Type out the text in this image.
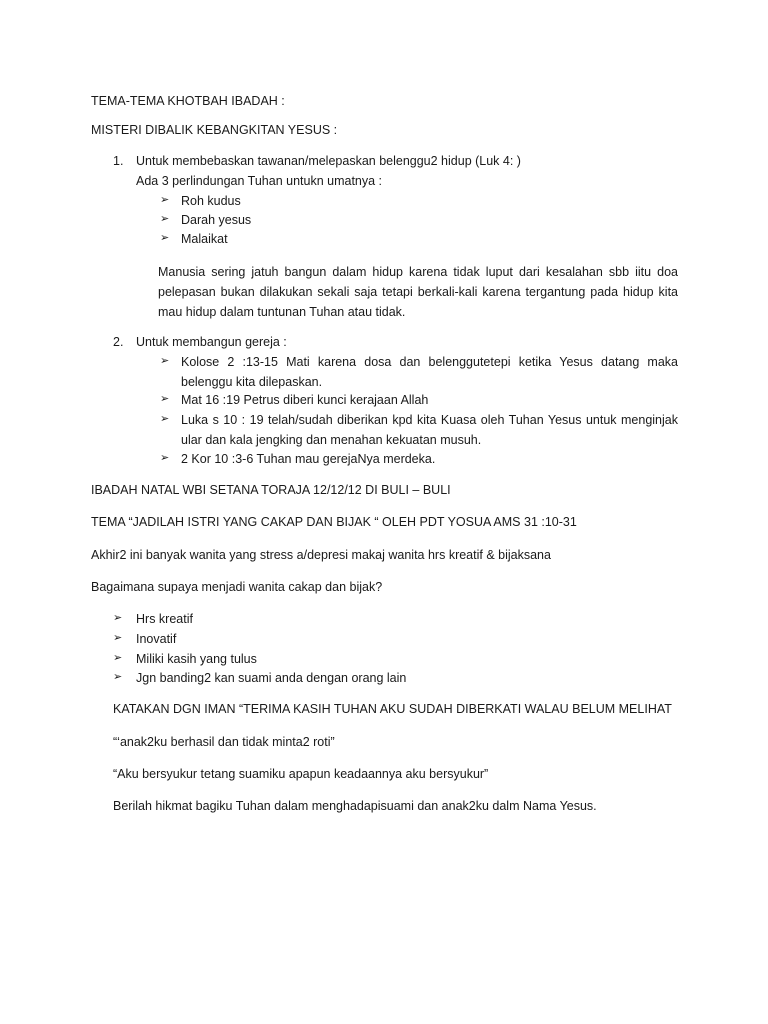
TEMA-TEMA KHOTBAH IBADAH :
MISTERI DIBALIK KEBANGKITAN YESUS :
1. Untuk membebaskan tawanan/melepaskan belenggu2 hidup (Luk 4: )
Ada 3 perlindungan Tuhan untukn umatnya :
➢ Roh kudus
➢ Darah yesus
➢ Malaikat
Manusia sering jatuh bangun dalam hidup karena tidak luput dari kesalahan sbb iitu doa
pelepasan bukan dilakukan sekali saja tetapi berkali-kali karena tergantung pada hidup kita
mau hidup dalam tuntunan Tuhan atau tidak.
2. Untuk membangun gereja :
➢ Kolose 2 :13-15 Mati karena dosa dan belenggutetepi ketika Yesus datang maka
belenggu kita dilepaskan.
➢ Mat 16 :19 Petrus diberi kunci kerajaan Allah
➢ Luka s 10 : 19 telah/sudah diberikan kpd kita Kuasa oleh Tuhan Yesus untuk menginjak
ular dan kala jengking dan menahan kekuatan musuh.
➢ 2 Kor 10 :3-6 Tuhan mau gerejaNya merdeka.
IBADAH NATAL WBI SETANA TORAJA 12/12/12 DI BULI – BULI
TEMA “JADILAH ISTRI YANG CAKAP DAN BIJAK “ OLEH PDT YOSUA AMS 31 :10-31
Akhir2 ini banyak wanita yang stress a/depresi makaj wanita hrs kreatif & bijaksana
Bagaimana supaya menjadi wanita cakap dan bijak?
➢ Hrs kreatif
➢ Inovatif
➢ Miliki kasih yang tulus
➢ Jgn banding2 kan suami anda dengan orang lain
KATAKAN DGN IMAN “TERIMA KASIH TUHAN AKU SUDAH DIBERKATI WALAU BELUM MELIHAT
“‘anak2ku berhasil dan tidak minta2 roti”
“Aku bersyukur tetang suamiku apapun keadaannya aku bersyukur”
Berilah hikmat bagiku Tuhan dalam menghadapisuami dan anak2ku dalm Nama Yesus.
